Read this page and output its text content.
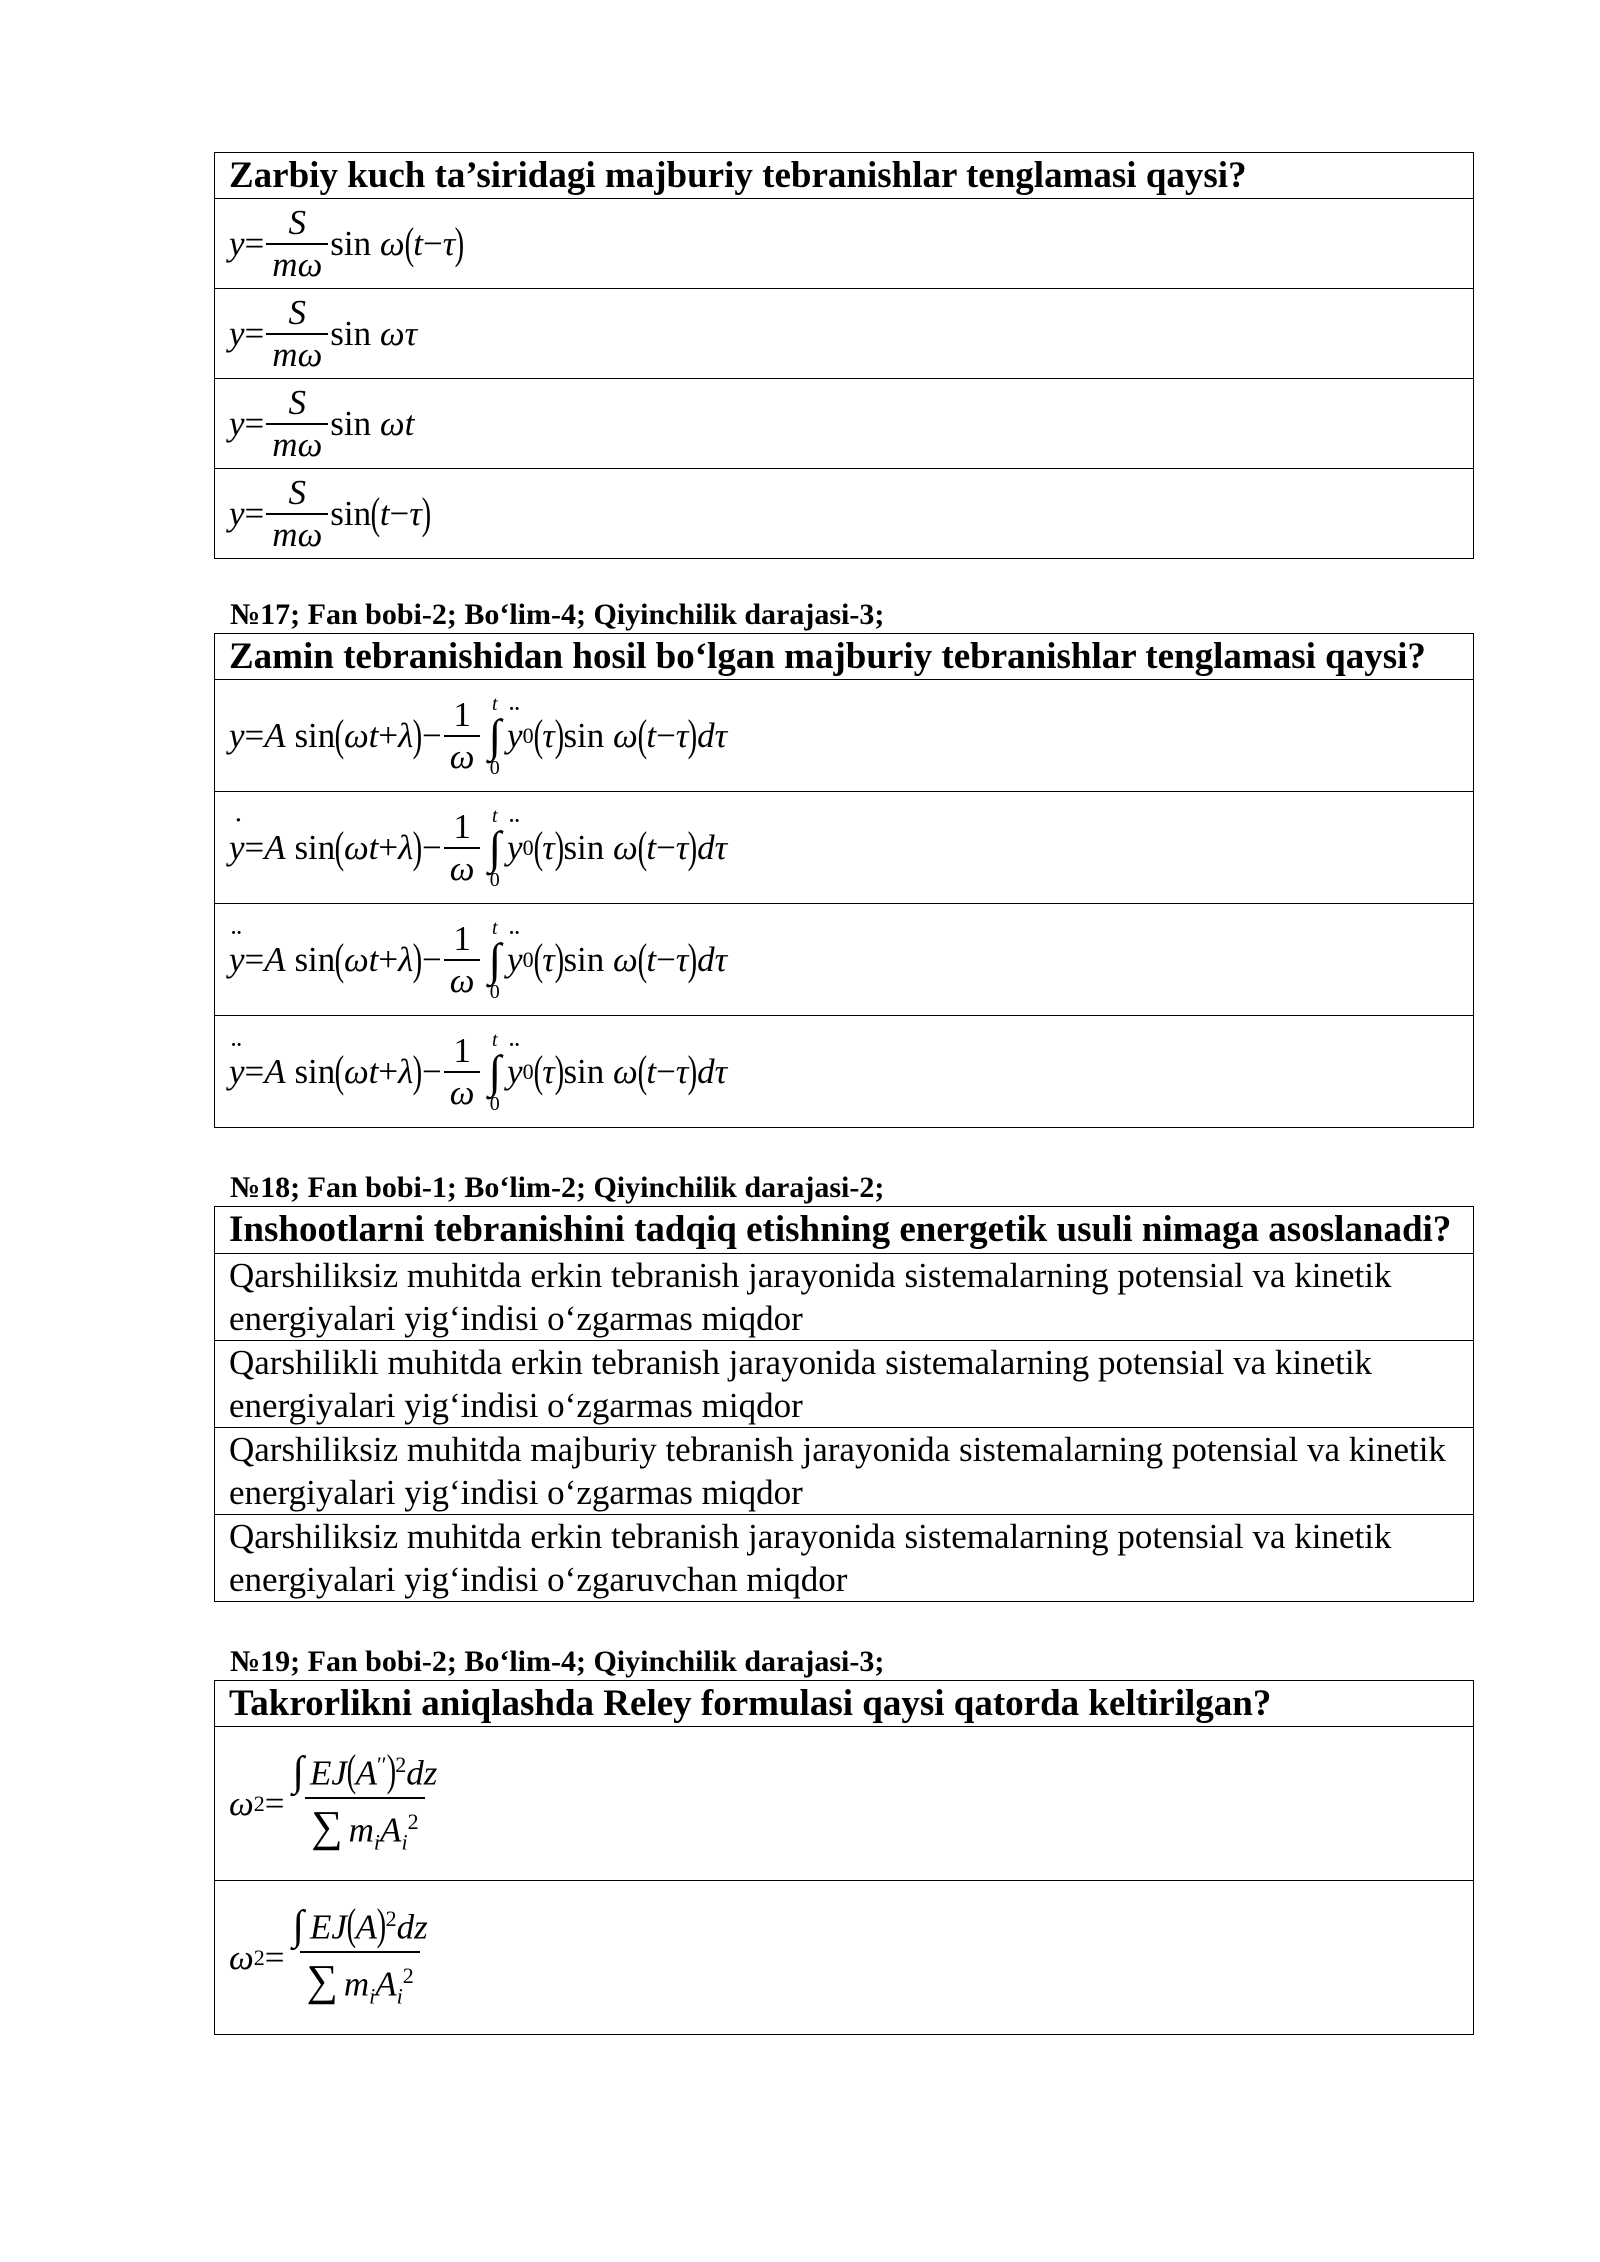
Zarbiy kuch ta’siridagi majburiy tebranishlar tenglamasi qaysi?
$y = \frac{S}{m\omega}$ sin ω ( t − τ )

$y = \frac{S}{m\omega}$ sin ωτ
$y = \frac{S}{m\omega}$ sin ωt
$y = \frac{S}{m\omega}$ sin ( t − τ )

№17; Fan bobi-2; Bo‘lim-4; Qiyinchilik darajasi-3;

Zamin tebranishidan hosil bo‘lgan majburiy tebranishlar tenglamasi qaysi?
y = A sin ( ωt + λ ) − $\frac{1}{\omega}$ t
∫
0
y ¨ 0 ( τ ) sin ω ( t − τ ) dτ

y ˙ = A sin ( ωt + λ ) − $\frac{1}{\omega}$ t
∫
0
y ¨ 0 ( τ ) sin ω ( t − τ ) dτ

y ¨ = A sin ( ωt + λ ) − $\frac{1}{\omega}$ t
∫
0
y ¨ 0 ( τ ) sin ω ( t − τ ) dτ

y ¨ = A sin ( ωt + λ ) − $\frac{1}{\omega}$ t
∫
0
y ¨ 0 ( τ ) sin ω ( t − τ ) dτ

№18; Fan bobi-1; Bo‘lim-2; Qiyinchilik darajasi-2;

Inshootlarni tebranishini tadqiq etishning energetik usuli nimaga asoslanadi?
Qarshiliksiz muhitda erkin tebranish jarayonida sistemalarning potensial va kinetik energiyalari yig‘indisi o‘zgarmas miqdor
Qarshilikli muhitda erkin tebranish jarayonida sistemalarning potensial va kinetik energiyalari yig‘indisi o‘zgarmas miqdor
Qarshiliksiz muhitda majburiy tebranish jarayonida sistemalarning potensial va kinetik energiyalari yig‘indisi o‘zgarmas miqdor
Qarshiliksiz muhitda erkin tebranish jarayonida sistemalarning potensial va kinetik energiyalari yig‘indisi o‘zgaruvchan miqdor

№19; Fan bobi-2; Bo‘lim-4; Qiyinchilik darajasi-3;

Takrorlikni aniqlashda Reley formulasi qaysi qatorda keltirilgan?
ω $2 = \frac{\int EJ(A'')^2dz}{\sum m_iA_i^2}$

ω $2 = \frac{\int EJ(A)^2dz}{\sum m_iA_i^2}$
